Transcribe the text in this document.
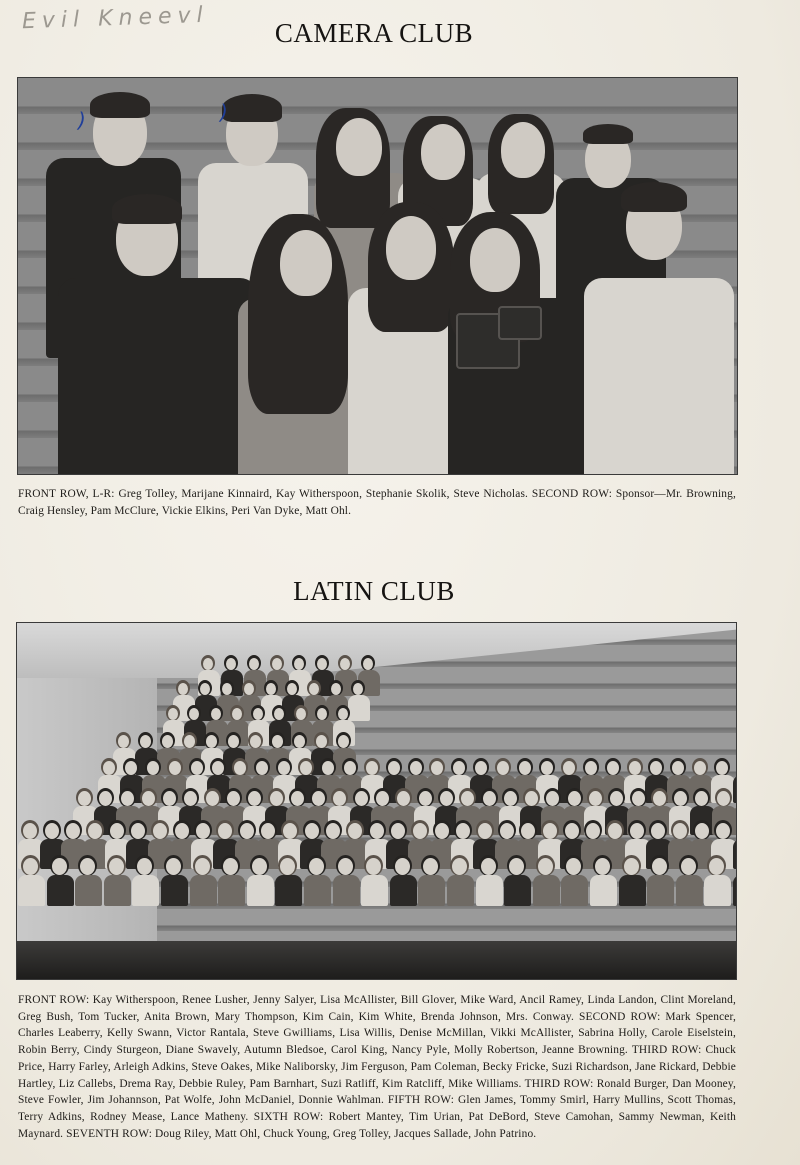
Evil Kneevl	CAMERA CLUB
)	)
FRONT ROW, L-R: Greg Tolley, Marijane Kinnaird, Kay Witherspoon, Stephanie Skolik, Steve Nicholas. SECOND ROW: Sponsor—Mr. Browning, Craig Hensley, Pam McClure, Vickie Elkins, Peri Van Dyke, Matt Ohl.
LATIN CLUB
FRONT ROW: Kay Witherspoon, Renee Lusher, Jenny Salyer, Lisa McAllister, Bill Glover, Mike Ward, Ancil Ramey, Linda Landon, Clint Moreland, Greg Bush, Tom Tucker, Anita Brown, Mary Thompson, Kim Cain, Kim White, Brenda Johnson, Mrs. Conway. SECOND ROW: Mark Spencer, Charles Leaberry, Kelly Swann, Victor Rantala, Steve Gwilliams, Lisa Willis, Denise McMillan, Vikki McAllister, Sabrina Holly, Carole Eiselstein, Robin Berry, Cindy Sturgeon, Diane Swavely, Autumn Bledsoe, Carol King, Nancy Pyle, Molly Robertson, Jeanne Browning. THIRD ROW: Chuck Price, Harry Farley, Arleigh Adkins, Steve Oakes, Mike Naliborsky, Jim Ferguson, Pam Coleman, Becky Fricke, Suzi Richardson, Jane Rickard, Debbie Hartley, Liz Callebs, Drema Ray, Debbie Ruley, Pam Barnhart, Suzi Ratliff, Kim Ratcliff, Mike Williams. THIRD ROW: Ronald Burger, Dan Mooney, Steve Fowler, Jim Johannson, Pat Wolfe, John McDaniel, Donnie Wahlman. FIFTH ROW: Glen James, Tommy Smirl, Harry Mullins, Scott Thomas, Terry Adkins, Rodney Mease, Lance Matheny. SIXTH ROW: Robert Mantey, Tim Urian, Pat DeBord, Steve Camohan, Sammy Newman, Keith Maynard. SEVENTH ROW: Doug Riley, Matt Ohl, Chuck Young, Greg Tolley, Jacques Sallade, John Patrino.
